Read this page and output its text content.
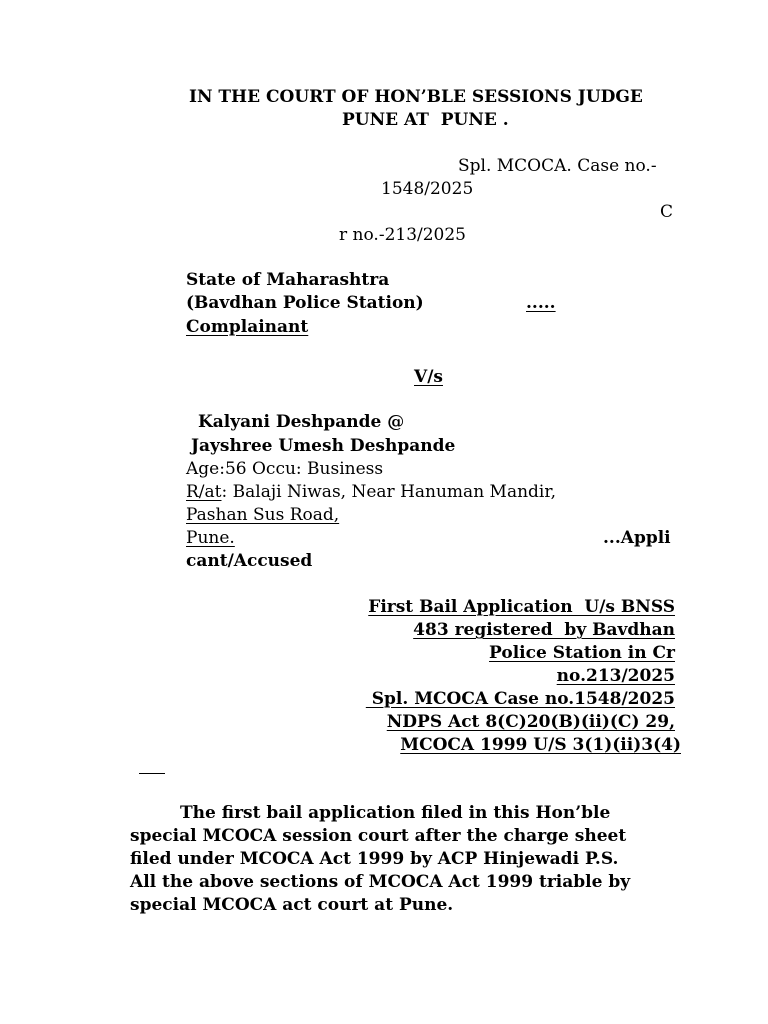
IN THE COURT OF HON’BLE SESSIONS JUDGE
PUNE AT  PUNE .
Spl. MCOCA. Case no.-
1548/2025
C
r no.-213/2025
State of Maharashtra
(Bavdhan Police Station)	.....
Complainant
V/s
Kalyani Deshpande @
Jayshree Umesh Deshpande
Age:56 Occu: Business
R/at: Balaji Niwas, Near Hanuman Mandir,
Pashan Sus Road,
Pune.	...Appli
cant/Accused
First Bail Application  U/s BNSS
483 registered  by Bavdhan
Police Station in Cr
no.213/2025
Spl. MCOCA Case no.1548/2025
NDPS Act 8(C)20(B)(ii)(C) 29,
MCOCA 1999 U/S 3(1)(ii)3(4)
The first bail application filed in this Hon’ble
special MCOCA session court after the charge sheet
filed under MCOCA Act 1999 by ACP Hinjewadi P.S.
All the above sections of MCOCA Act 1999 triable by
special MCOCA act court at Pune.
